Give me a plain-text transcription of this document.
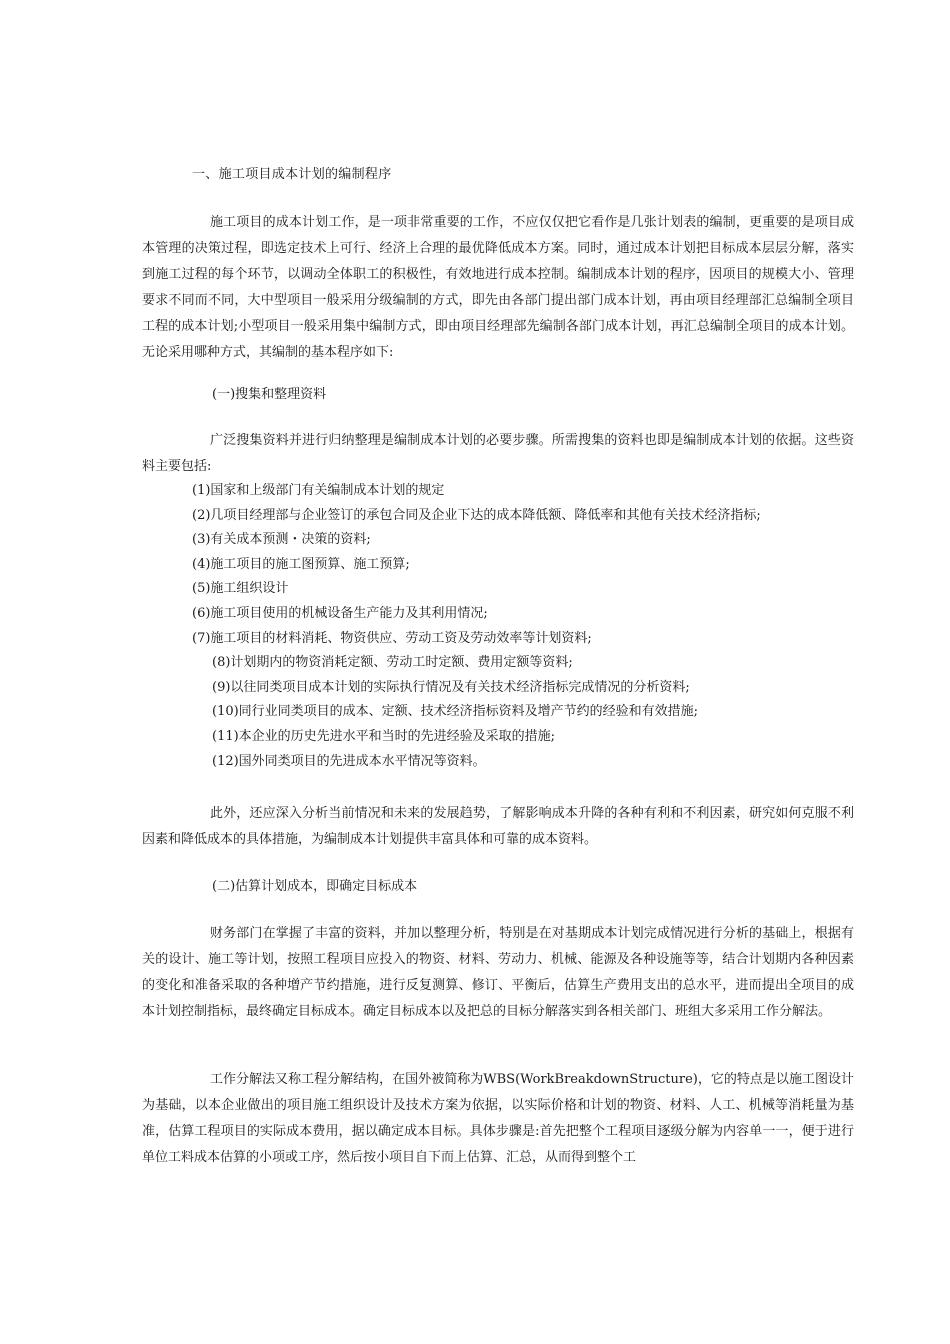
一、施工项目成本计划的编制程序

施工项目的成本计划工作，是一项非常重要的工作，不应仅仅把它看作是几张计划表的编制，更重要的是项目成本管理的决策过程，即选定技术上可行、经济上合理的最优降低成本方案。同时，通过成本计划把目标成本层层分解，落实到施工过程的每个环节，以调动全体职工的积极性，有效地进行成本控制。编制成本计划的程序，因项目的规模大小、管理要求不同而不同，大中型项目一般采用分级编制的方式，即先由各部门提出部门成本计划，再由项目经理部汇总编制全项目工程的成本计划;小型项目一般采用集中编制方式，即由项目经理部先编制各部门成本计划，再汇总编制全项目的成本计划。无论采用哪种方式，其编制的基本程序如下:

(一)搜集和整理资料

广泛搜集资料并进行归纳整理是编制成本计划的必要步骤。所需搜集的资料也即是编制成本计划的依据。这些资料主要包括:

(1)国家和上级部门有关编制成本计划的规定
(2)几项目经理部与企业签订的承包合同及企业下达的成本降低额、降低率和其他有关技术经济指标;
(3)有关成本预测・决策的资料;
(4)施工项目的施工图预算、施工预算;
(5)施工组织设计
(6)施工项目使用的机械设备生产能力及其利用情况;
(7)施工项目的材料消耗、物资供应、劳动工资及劳动效率等计划资料;
(8)计划期内的物资消耗定额、劳动工时定额、费用定额等资料;
(9)以往同类项目成本计划的实际执行情况及有关技术经济指标完成情况的分析资料;
(10)同行业同类项目的成本、定额、技术经济指标资料及增产节约的经验和有效措施;
(11)本企业的历史先进水平和当时的先进经验及采取的措施;
(12)国外同类项目的先进成本水平情况等资料。

此外，还应深入分析当前情况和未来的发展趋势，了解影响成本升降的各种有利和不利因素，研究如何克服不利因素和降低成本的具体措施，为编制成本计划提供丰富具体和可靠的成本资料。

(二)估算计划成本，即确定目标成本

财务部门在掌握了丰富的资料，并加以整理分析，特别是在对基期成本计划完成情况进行分析的基础上，根据有关的设计、施工等计划，按照工程项目应投入的物资、材料、劳动力、机械、能源及各种设施等等，结合计划期内各种因素的变化和准备采取的各种增产节约措施，进行反复测算、修订、平衡后，估算生产费用支出的总水平，进而提出全项目的成本计划控制指标，最终确定目标成本。确定目标成本以及把总的目标分解落实到各相关部门、班组大多采用工作分解法。

工作分解法又称工程分解结构，在国外被简称为WBS(WorkBreakdownStructure)，它的特点是以施工图设计为基础，以本企业做出的项目施工组织设计及技术方案为依据，以实际价格和计划的物资、材料、人工、机械等消耗量为基准，估算工程项目的实际成本费用，据以确定成本目标。具体步骤是:首先把整个工程项目逐级分解为内容单一一，便于进行单位工料成本估算的小项或工序，然后按小项目自下而上估算、汇总，从而得到整个工
